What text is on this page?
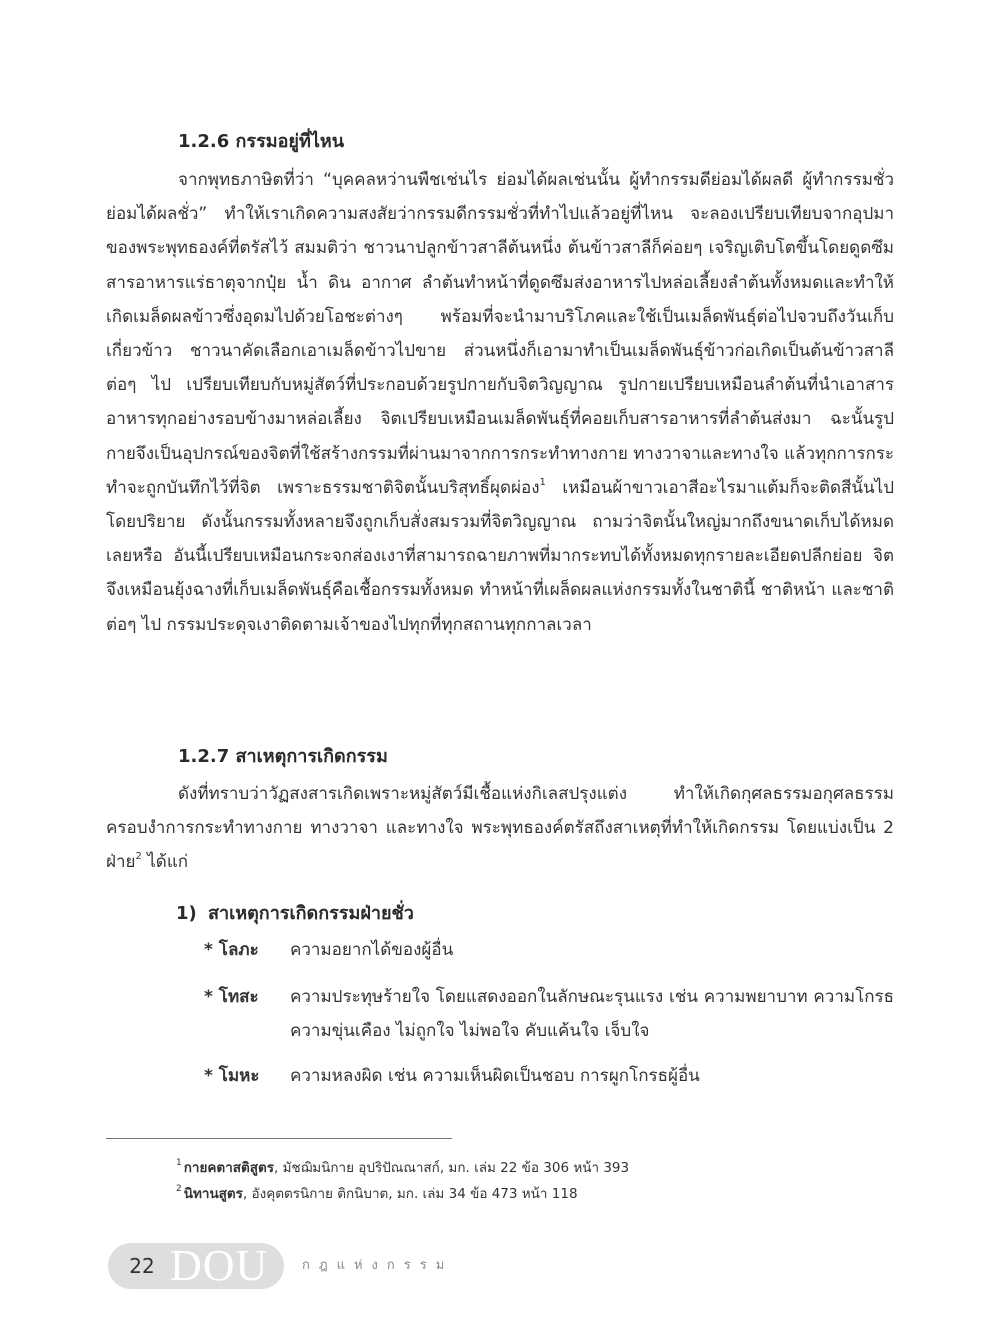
1.2.6 กรรมอยู่ที่ไหน
จากพุทธภาษิตที่ว่า “บุคคลหว่านพืชเช่นไร ย่อมได้ผลเช่นนั้น ผู้ทำกรรมดีย่อมได้ผลดี ผู้ทำกรรมชั่วย่อมได้ผลชั่ว” ทำให้เราเกิดความสงสัยว่ากรรมดีกรรมชั่วที่ทำไปแล้วอยู่ที่ไหน จะลองเปรียบเทียบจากอุปมาของพระพุทธองค์ที่ตรัสไว้ สมมติว่า ชาวนาปลูกข้าวสาลีต้นหนึ่ง ต้นข้าวสาลีก็ค่อยๆ เจริญเติบโตขึ้นโดยดูดซึมสารอาหารแร่ธาตุจากปุ๋ย น้ำ ดิน อากาศ ลำต้นทำหน้าที่ดูดซึมส่งอาหารไปหล่อเลี้ยงลำต้นทั้งหมดและทำให้เกิดเมล็ดผลข้าวซึ่งอุดมไปด้วยโอชะต่างๆ พร้อมที่จะนำมาบริโภคและใช้เป็นเมล็ดพันธุ์ต่อไปจวบถึงวันเก็บเกี่ยวข้าว ชาวนาคัดเลือกเอาเมล็ดข้าวไปขาย ส่วนหนึ่งก็เอามาทำเป็นเมล็ดพันธุ์ข้าวก่อเกิดเป็นต้นข้าวสาลีต่อๆ ไป เปรียบเทียบกับหมู่สัตว์ที่ประกอบด้วยรูปกายกับจิตวิญญาณ รูปกายเปรียบเหมือนลำต้นที่นำเอาสารอาหารทุกอย่างรอบข้างมาหล่อเลี้ยง จิตเปรียบเหมือนเมล็ดพันธุ์ที่คอยเก็บสารอาหารที่ลำต้นส่งมา ฉะนั้นรูปกายจึงเป็นอุปกรณ์ของจิตที่ใช้สร้างกรรมที่ผ่านมาจากการกระทำทางกาย ทางวาจาและทางใจ แล้วทุกการกระทำจะถูกบันทึกไว้ที่จิต เพราะธรรมชาติจิตนั้นบริสุทธิ์ผุดผ่อง$^1$ เหมือนผ้าขาวเอาสีอะไรมาแต้มก็จะติดสีนั้นไปโดยปริยาย ดังนั้นกรรมทั้งหลายจึงถูกเก็บสั่งสมรวมที่จิตวิญญาณ ถามว่าจิตนั้นใหญ่มากถึงขนาดเก็บได้หมดเลยหรือ อันนี้เปรียบเหมือนกระจกส่องเงาที่สามารถฉายภาพที่มากระทบได้ทั้งหมดทุกรายละเอียดปลีกย่อย จิตจึงเหมือนยุ้งฉางที่เก็บเมล็ดพันธุ์คือเชื้อกรรมทั้งหมด ทำหน้าที่เผล็ดผลแห่งกรรมทั้งในชาตินี้ ชาติหน้า และชาติต่อๆ ไป กรรมประดุจเงาติดตามเจ้าของไปทุกที่ทุกสถานทุกกาลเวลา
1.2.7 สาเหตุการเกิดกรรม
ดังที่ทราบว่าวัฏสงสารเกิดเพราะหมู่สัตว์มีเชื้อแห่งกิเลสปรุงแต่ง ทำให้เกิดกุศลธรรมอกุศลธรรมครอบงำการกระทำทางกาย ทางวาจา และทางใจ พระพุทธองค์ตรัสถึงสาเหตุที่ทำให้เกิดกรรม โดยแบ่งเป็น 2 ฝ่าย$^2$ ได้แก่
1) สาเหตุการเกิดกรรมฝ่ายชั่ว
* โลภะ ความอยากได้ของผู้อื่น
* โทสะ ความประทุษร้ายใจ โดยแสดงออกในลักษณะรุนแรง เช่น ความพยาบาท ความโกรธ ความขุ่นเคือง ไม่ถูกใจ ไม่พอใจ คับแค้นใจ เจ็บใจ
* โมหะ ความหลงผิด เช่น ความเห็นผิดเป็นชอบ การผูกโกรธผู้อื่น
$^1$ กายคตาสติสูตร, มัชฌิมนิกาย อุปริปัณณาสก์, มก. เล่ม 22 ข้อ 306 หน้า 393
$^2$ นิทานสูตร, อังคุตตรนิกาย ติกนิบาต, มก. เล่ม 34 ข้อ 473 หน้า 118
22 DOU	กฎแห่งกรรม
